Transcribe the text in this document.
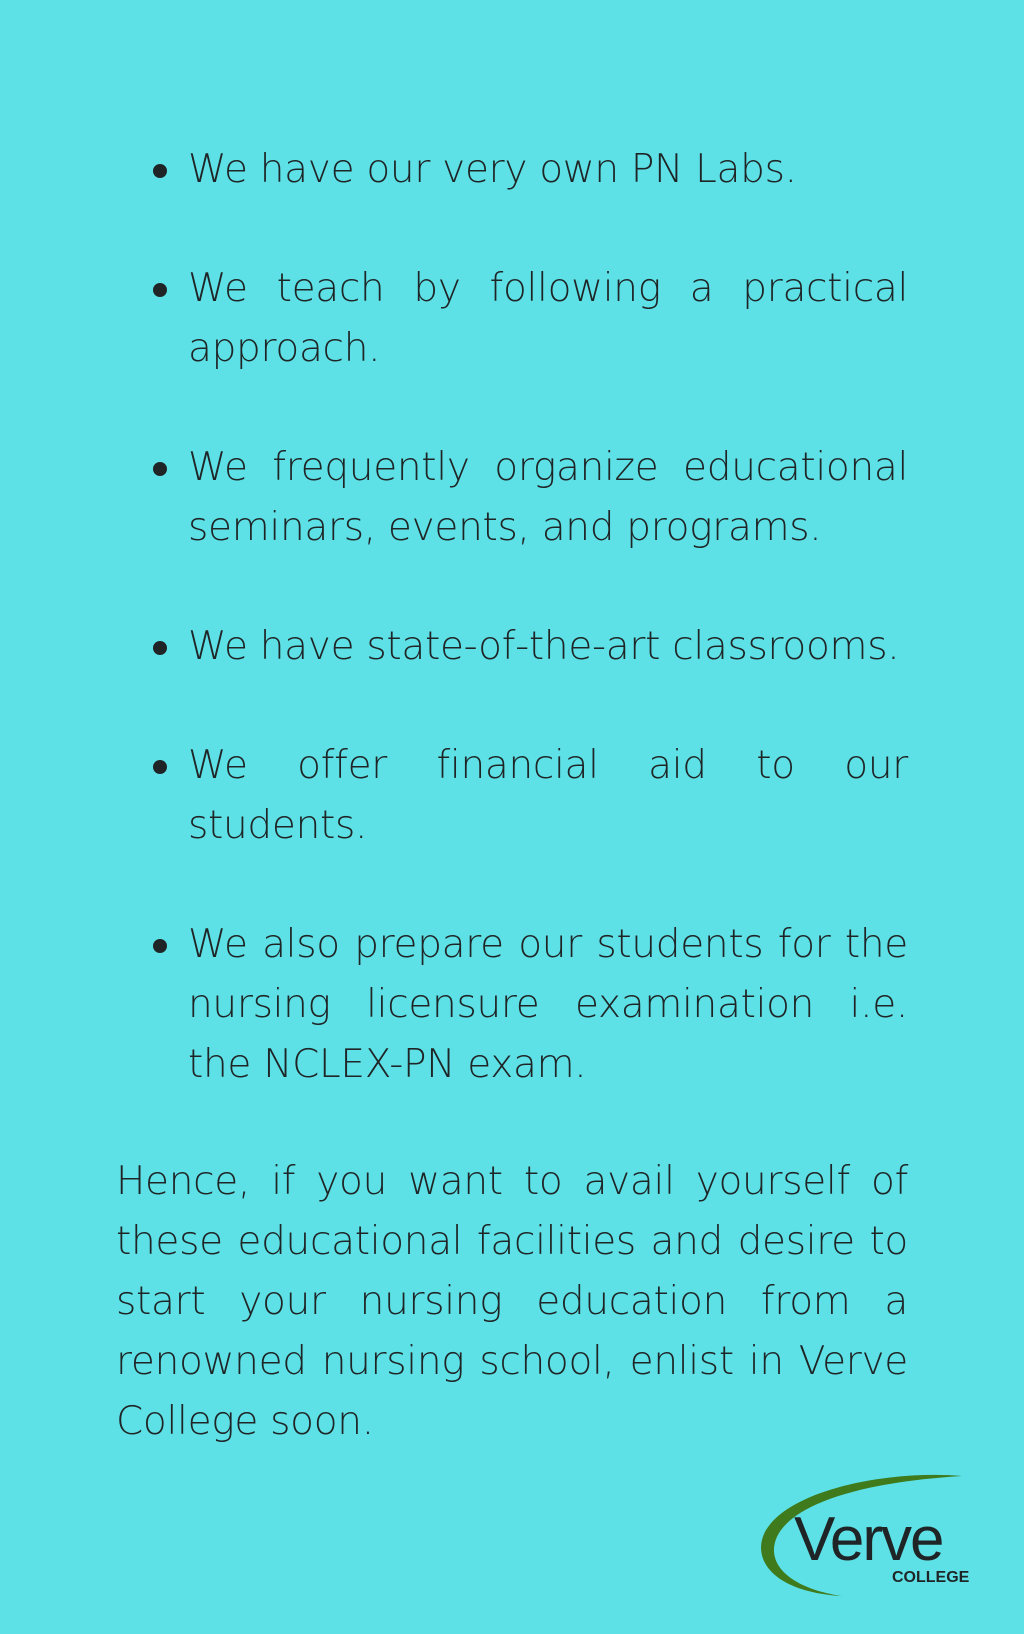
We have our very own PN Labs.
We teach by following a practical approach.
We frequently organize educational seminars, events, and programs.
We have state-of-the-art classrooms.
We offer financial aid to our students.
We also prepare our students for the nursing licensure examination i.e. the NCLEX-PN exam.

Hence, if you want to avail yourself of these educational facilities and desire to start your nursing education from a renowned nursing school, enlist in Verve College soon.

Verve
COLLEGE
